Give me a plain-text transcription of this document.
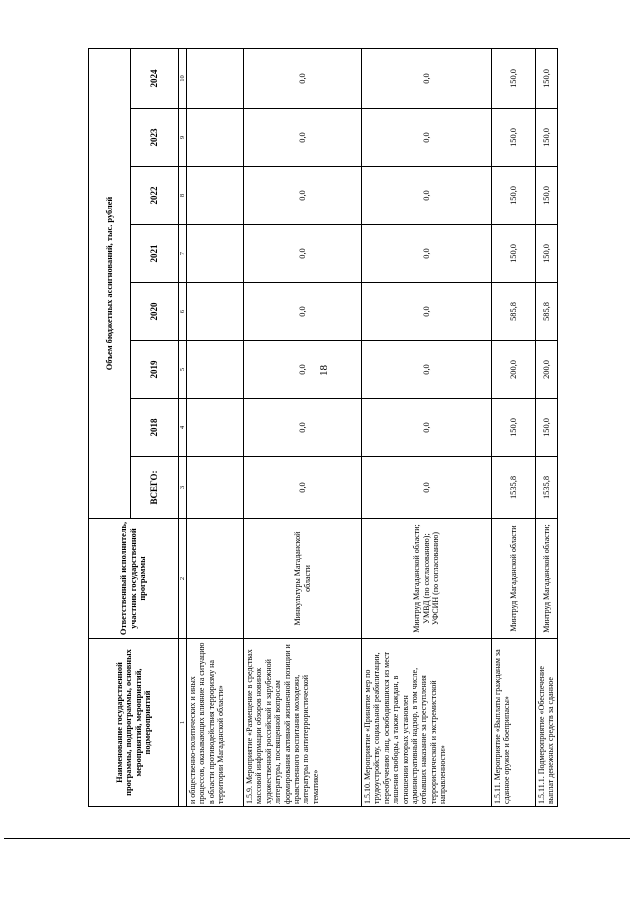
18
Наименование государственной программы, подпрограммы, основных мероприятий, мероприятий, подмероприятий	Ответственный исполнитель, участник государственной программы	Объем бюджетных ассигнований, тыс. рублей							
		ВСЕГО:	2018	2019	2020	2021	2022	2023	2024
1	2	3	4	5	6	7	8	9	10
и общественно-политических и иных процессов, оказывающих влияние на ситуацию в области противодействия терроризму на территории Магаданской области»									
1.5.9. Мероприятие «Размещение в средствах массовой информации обзоров новинок художественной российской и зарубежной литературы, посвященной вопросам формирования активной жизненной позиции и нравственного воспитания молодежи, литературы по антитеррористической тематике»	Минкультуры Магаданской области	0,0	0,0	0,0	0,0	0,0	0,0	0,0	0,0
1.5.10. Мероприятие «Принятие мер по трудоустройству, социальной реабилитации, переобучению лиц, освободившихся из мест лишения свободы, а также граждан, в отношении которых установлен административный надзор, в том числе, отбывших наказание за преступления террористической и экстремистской направленности»	Минтруд Магаданской области; УМВД (по согласованию); УФСИН (по согласованию)	0,0	0,0	0,0	0,0	0,0	0,0	0,0	0,0
1.5.11. Мероприятие «Выплаты гражданам за сданное оружие и боеприпасы»	Минтруд Магаданской области	1535,8	150,0	200,0	585,8	150,0	150,0	150,0	150,0
1.5.11.1. Подмероприятие «Обеспечение выплат денежных средств за сданное	Минтруд Магаданской области;	1535,8	150,0	200,0	585,8	150,0	150,0	150,0	150,0
